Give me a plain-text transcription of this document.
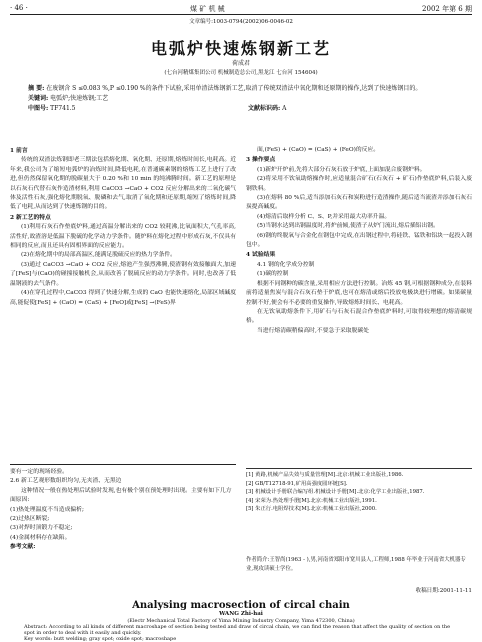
· 46 ·	煤 矿 机 械	2002 年第 6 期
文章编号:1003-0794(2002)06-0046-02
电弧炉快速炼钢新工艺
荷成君
(七台河精煤集团公司 机械制造总公司,黑龙江 七台河 154604)
摘 要: 在废钢含 S ≤0.083 %,P ≤0.190 %的条件下试验,采用单渣法炼钢新工艺,取消了传统双渣法中氧化期和还原期的操作,达到了快速炼钢目的。
关键词: 电弧炉;快速炼钢;工艺
中图号: TF741.5	文献标识码: A

1 前言

传统的双渣法炼钢即老三期法包括熔化期、氧化期、还原期,熔炼时间长,电耗高。近年来,我公司为了缩短电弧炉的冶炼时间,降低电耗,在普通碳素钢的熔炼工艺上进行了改进,但仍然保留氧化期的脱碳量大于 0.20 %和 10 min 的纯沸腾时间。新工艺的原理是以石灰石代替石灰作造渣材料,利用 CaCO3 →CaO + CO2 反应分解出来的二氧化碳气体及活性石灰,强化熔化期脱氧、脱磷和去气,取消了氧化期和还原期,缩短了熔炼时间,降低了电耗,从而达到了快速炼钢的目的。

2 新工艺的特点

(1)利用石灰石作垫底炉料,通过高温分解出来的 CO2 较耗沸,比氧面积大,气孔率高,活性好,故渣溶是低温下脱硫的化学动力学条件。随炉料在熔化过程中形成石灰,不仅具有相同的反应,而且还具有固相界面的反应能力。

(2)在熔化期中的局部高温区,能满足脱硫反应的热力学条件。

(3)通过 CaCO3 →CaO + CO2 反应,熔池产生强烈沸腾,使渣钢有效接触面大,加速了[FeS]与(CaO)的碰撞接触机会,从而改善了脱硫反应的动力学条件。同时,也改善了低温钢液的去气条件。

(4)在穿孔过程中,CaCO3 得到了快速分解,生成的 CaO 也能快速熔化,局部区域碱度高,能促使[FeS] + (CaO) = (CaS) + [FeO]或[FeS] →(FeS)界

面,(FeS) + (CaO) = (CaS) + (FeO)的反应。

3 操作要点

(1)新炉开炉前,先将大部分石灰石放于炉底,上面加混合废钢炉料。

(2)将采用不饮氧助熔操作时,应适量混合矿石(石灰石 + 矿石)作垫底炉料,后装入废钢铁料。

(3)在熔料 80 %后,适当添加石灰石和炭粉进行造渣操作,随后适当流渣并添加石灰石炭提高碱度。

(4)熔清后取样分析 C、S、P,并采用最大功率升温。

(5)当钢水达到出钢温度时,将炉前倾,使渣子从炉门流出,熔后插铝出钢。

(6)钢的终脱氧与合金化在钢包中完成,在出钢过程中,将硅铁、锰铁和铝块一起投入钢包中。

4 试验结果

4.1 钢的化学成分控制

(1)碳的控制

根据不同钢种的碳含量,采用相应方法进行控制。冶炼 45 钢,可根据钢种成分,在装料前将适量焦炭与混合石灰石垫于炉底,也可在熔清或熔后投放电极块进行增碳。如果碳量控制不好,便会有不必要的重复操作,导致熔炼时间长、电耗高。

在无饮氧助熔条件下,用矿石与石灰石混合作垫底炉料时,可取得较理想的熔清碳规格。

当进行熔清碳稍偏高时,不要急于采取脱碳处

要有一定的现场经验。

2.6 新工艺观形数组织均匀,无夹渣、无黑边

这种情况一般在热处理后试验时发现,也有极个别在预处理时出现。主要有如下几方面原因:

(1)热处理温度不当造成偏析;

(2)过热区断裂;

(3)对焊时顶锻力不稳定;

(4)金属材料存在缺陷。

参考文献:

[1] 黄路,机械产品失效与质量管理[M].北京:机械工业出版社,1986.
[2] GB/T12718-91,矿用高强度圆环链[S].
[3] 机械设计手册联合编写组.机械设计手册[M].北京:化学工业出版社,1987.
[4] 宋荣为.热处理手册[M].北京:机械工业出版社,1991.
[5] 朱正行.电阻焊技术[M].北京:机械工业出版社,2000.
作者简介:王智尚(1963 - ),男,河南省郑阳市宽川县人,工程师,1988 年毕业于河南省大机器专业,现攻读硕士学位。
收稿日期:2001-11-11
Analysing macrosection of circal chain
WANG Zhi-hai
(Electr Mechanical Total Factory of Yima Mining Industry Company, Yima 472300, China)
Abstract: According to all kinds of different macroshape of section being tested and draw of circal chain, we can find the reason that affect the quality of section on the spot in order to deal with it easily and quickly.
Key words: butt welding; gray spot; oxide spot; macroshape
